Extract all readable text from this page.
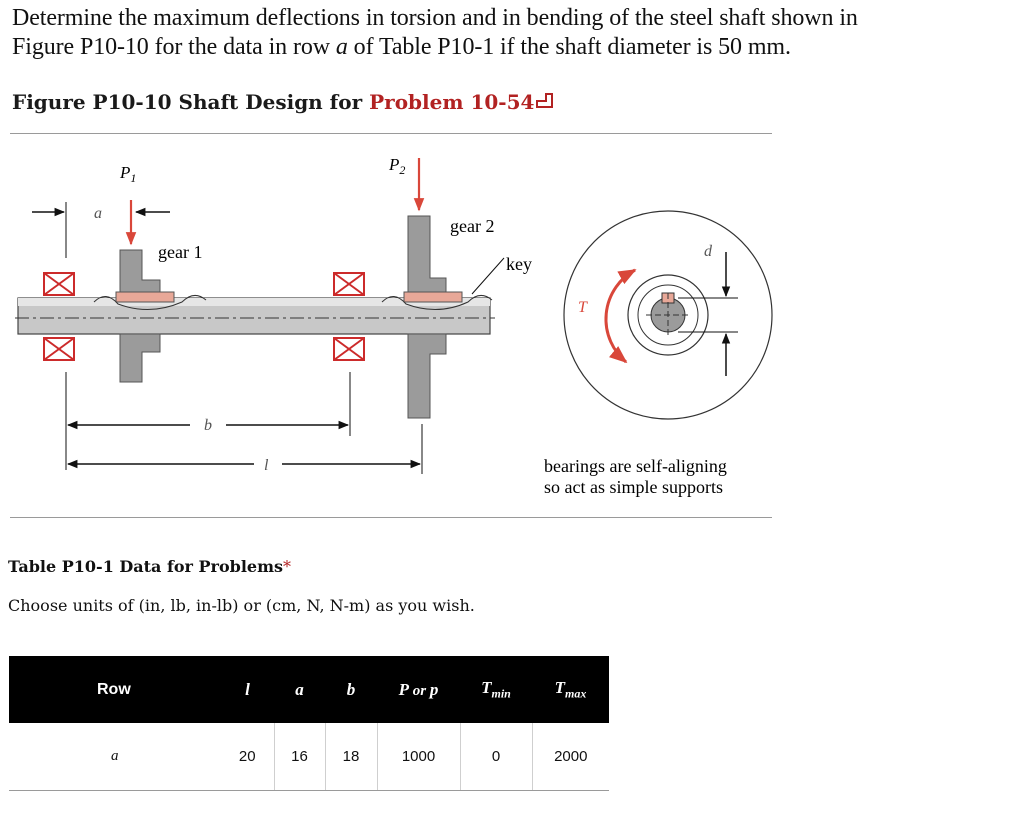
Determine the maximum deflections in torsion and in bending of the steel shaft shown in
Figure P10-10 for the data in row a of Table P10-1 if the shaft diameter is 50 mm.
Figure P10-10 Shaft Design for Problem 10-54
$P_1$
$P_2$
a
b
l
gear 1
gear 2
key
d
T
bearings are self-aligning
so act as simple supports
Table P10-1 Data for Problems*
Choose units of (in, lb, in-lb) or (cm, N, N-m) as you wish.
Row	l	a	b	P or p	$T_{min}$	$T_{max}$
a	20	16	18	1000	0	2000
